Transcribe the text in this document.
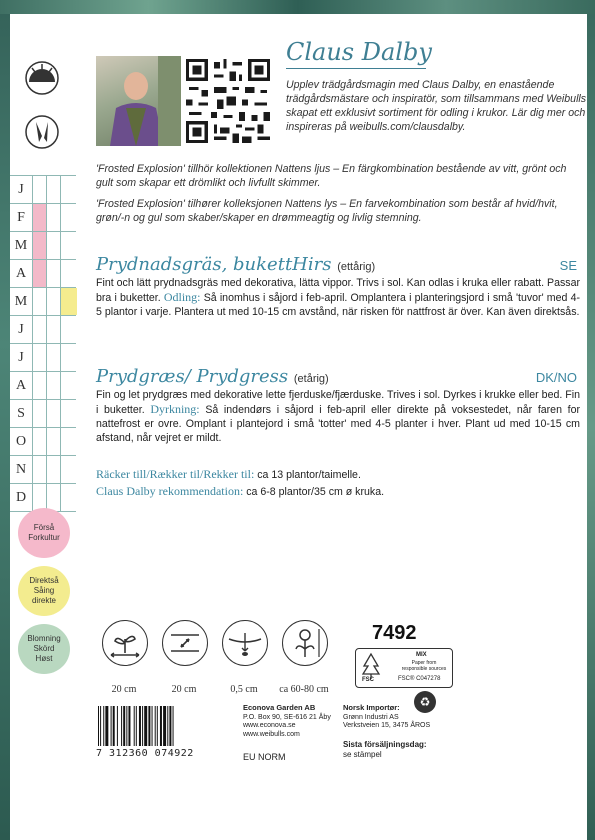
J
F
M
A
M
J
J
A
S
O
N
D
Förså
Forkultur
Direktså
Såing
direkte
Blomning
Skörd
Høst
Claus Dalby
Upplev trädgårdsmagin med Claus Dalby, en enastående trädgårdsmästare och inspiratör, som tillsammans med Weibulls skapat ett exklusivt sortiment för odling i krukor. Lär dig mer och inspireras på weibulls.com/clausdalby.

'Frosted Explosion' tillhör kollektionen Nattens ljus – En färgkombination bestående av vitt, grönt och gult som skapar ett drömlikt och livfullt skimmer.

'Frosted Explosion' tilhører kolleksjonen Nattens lys – En farvekombination som består af hvid/hvit, grøn/-n og gul som skaber/skaper en drømmeagtig og livlig stemning.

Prydnadsgräs, bukettHirs (ettårig)	SE
Fint och lätt prydnadsgräs med dekorativa, lätta vippor. Trivs i sol. Kan odlas i kruka eller rabatt. Passar bra i buketter. Odling: Så inomhus i såjord i feb-april. Omplantera i planteringsjord i små 'tuvor' med 4-5 plantor i varje. Plantera ut med 10-15 cm avstånd, när risken för nattfrost är över. Kan även direktsås.
Prydgræs/ Prydgress (etårig)	DK/NO
Fin og let prydgræs med dekorative lette fjerduske/fjærduske. Trives i sol. Dyrkes i krukke eller bed. Fin i buketter. Dyrkning: Så indendørs i såjord i feb-april eller direkte på voksestedet, når faren for nattefrost er ovre. Omplant i plantejord i små 'totter' med 4-5 planter i hver. Plant ud med 10-15 cm afstand, når vejret er mildt.
Räcker till/Rækker til/Rekker til: ca 13 plantor/taimelle.
Claus Dalby rekommendation: ca 6-8 plantor/35 cm ø kruka.
20 cm	20 cm	0,5 cm	ca 60-80 cm
7492
FSC
MIX
Paper from responsible sources
FSC® C047278
♻
7 312360 074922
Econova Garden AB
P.O. Box 90, SE-616 21 Åby
www.econova.se
www.weibulls.com
EU NORM
Norsk Importør:
Grønn Industri AS
Verkstveien 15, 3475 ÅROS
Sista försäljningsdag:
se stämpel
